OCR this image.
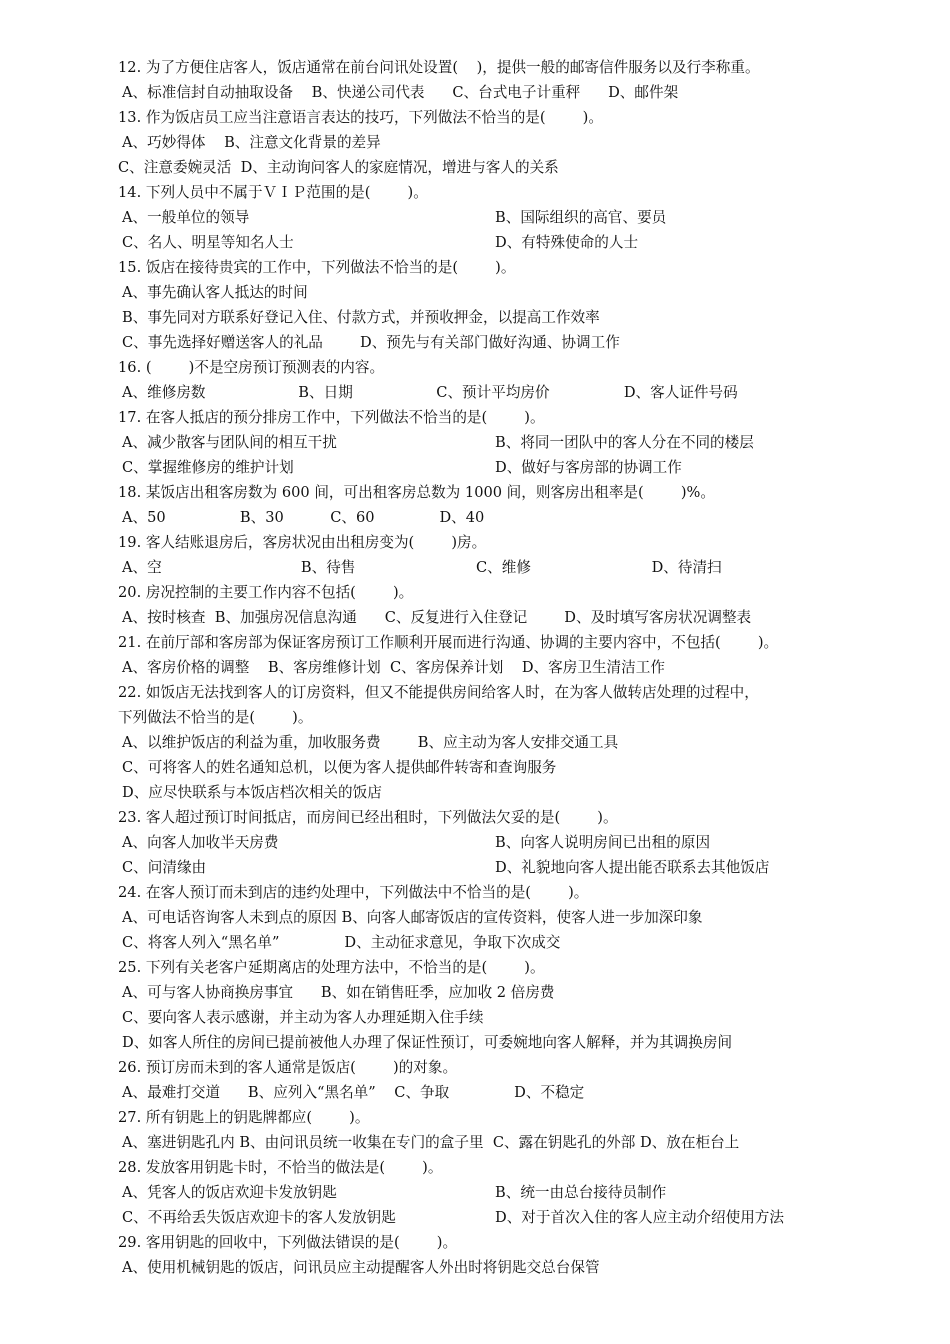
12. 为了方便住店客人，饭店通常在前台问讯处设置(    )，提供一般的邮寄信件服务以及行李称重。
A、标准信封自动抽取设备    B、快递公司代表      C、台式电子计重秤      D、邮件架
13. 作为饭店员工应当注意语言表达的技巧，下列做法不恰当的是(        )。
A、巧妙得体    B、注意文化背景的差异
C、注意委婉灵活  D、主动询问客人的家庭情况，增进与客人的关系
14. 下列人员中不属于ＶＩＰ范围的是(        )。
A、一般单位的领导	B、国际组织的高官、要员
C、名人、明星等知名人士	D、有特殊使命的人士
15. 饭店在接待贵宾的工作中，下列做法不恰当的是(        )。
A、事先确认客人抵达的时间
B、事先同对方联系好登记入住、付款方式，并预收押金，以提高工作效率
C、事先选择好赠送客人的礼品        D、预先与有关部门做好沟通、协调工作
16. (        )不是空房预订预测表的内容。
A、维修房数                    B、日期                  C、预计平均房价                D、客人证件号码
17. 在客人抵店的预分排房工作中，下列做法不恰当的是(        )。
A、减少散客与团队间的相互干扰	B、将同一团队中的客人分在不同的楼层
C、掌握维修房的维护计划	D、做好与客房部的协调工作
18. 某饭店出租客房数为 600 间，可出租客房总数为 1000 间，则客房出租率是(        )%。
A、50                B、30          C、60              D、40
19. 客人结账退房后，客房状况由出租房变为(        )房。
A、空                              B、待售                          C、维修                          D、待清扫
20. 房况控制的主要工作内容不包括(        )。
A、按时核查  B、加强房况信息沟通      C、反复进行入住登记        D、及时填写客房状况调整表
21. 在前厅部和客房部为保证客房预订工作顺利开展而进行沟通、协调的主要内容中，不包括(        )。
A、客房价格的调整    B、客房维修计划  C、客房保养计划    D、客房卫生清洁工作
22. 如饭店无法找到客人的订房资料，但又不能提供房间给客人时，在为客人做转店处理的过程中，
下列做法不恰当的是(        )。
A、以维护饭店的利益为重，加收服务费        B、应主动为客人安排交通工具
C、可将客人的姓名通知总机，以便为客人提供邮件转寄和查询服务
D、应尽快联系与本饭店档次相关的饭店
23. 客人超过预订时间抵店，而房间已经出租时，下列做法欠妥的是(        )。
A、向客人加收半天房费	B、向客人说明房间已出租的原因
C、问清缘由	D、礼貌地向客人提出能否联系去其他饭店
24. 在客人预订而未到店的违约处理中，下列做法中不恰当的是(        )。
A、可电话咨询客人未到点的原因 B、向客人邮寄饭店的宣传资料，使客人进一步加深印象
C、将客人列入“黑名单”              D、主动征求意见，争取下次成交
25. 下列有关老客户延期离店的处理方法中，不恰当的是(        )。
A、可与客人协商换房事宜      B、如在销售旺季，应加收 2 倍房费
C、要向客人表示感谢，并主动为客人办理延期入住手续
D、如客人所住的房间已提前被他人办理了保证性预订，可委婉地向客人解释，并为其调换房间
26. 预订房而未到的客人通常是饭店(        )的对象。
A、最难打交道      B、应列入“黑名单”    C、争取              D、不稳定
27. 所有钥匙上的钥匙牌都应(        )。
A、塞进钥匙孔内 B、由问讯员统一收集在专门的盒子里  C、露在钥匙孔的外部 D、放在柜台上
28. 发放客用钥匙卡时，不恰当的做法是(        )。
A、凭客人的饭店欢迎卡发放钥匙	B、统一由总台接待员制作
C、不再给丢失饭店欢迎卡的客人发放钥匙	D、对于首次入住的客人应主动介绍使用方法
29. 客用钥匙的回收中，下列做法错误的是(        )。
A、使用机械钥匙的饭店，问讯员应主动提醒客人外出时将钥匙交总台保管
